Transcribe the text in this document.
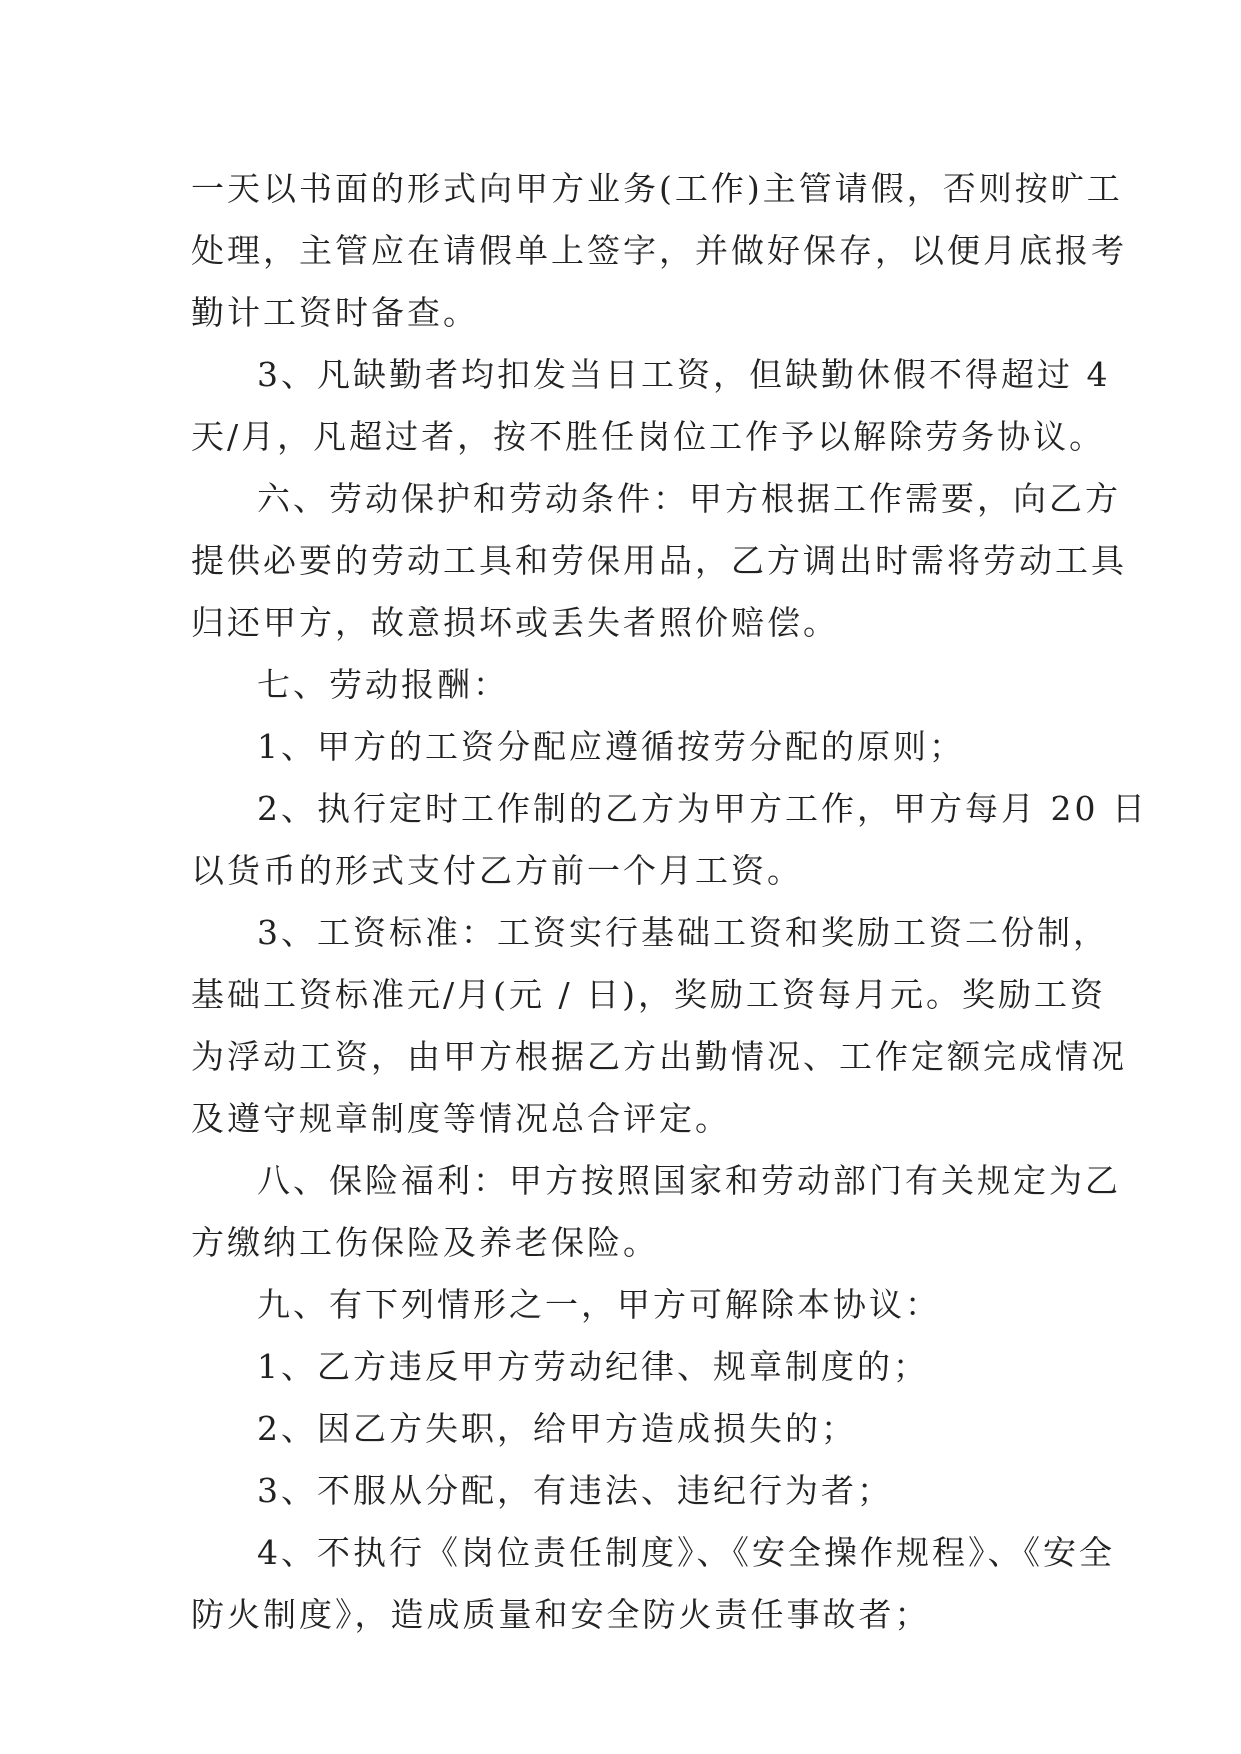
一天以书面的形式向甲方业务(工作)主管请假，否则按旷工
处理，主管应在请假单上签字，并做好保存，以便月底报考
勤计工资时备查。
3、凡缺勤者均扣发当日工资，但缺勤休假不得超过 4
天/月，凡超过者，按不胜任岗位工作予以解除劳务协议。
六、劳动保护和劳动条件：甲方根据工作需要，向乙方
提供必要的劳动工具和劳保用品，乙方调出时需将劳动工具
归还甲方，故意损坏或丢失者照价赔偿。
七、劳动报酬：
1、甲方的工资分配应遵循按劳分配的原则；
2、执行定时工作制的乙方为甲方工作，甲方每月 20 日
以货币的形式支付乙方前一个月工资。
3、工资标准：工资实行基础工资和奖励工资二份制，
基础工资标准元/月(元 / 日)，奖励工资每月元。奖励工资
为浮动工资，由甲方根据乙方出勤情况、工作定额完成情况
及遵守规章制度等情况总合评定。
八、保险福利：甲方按照国家和劳动部门有关规定为乙
方缴纳工伤保险及养老保险。
九、有下列情形之一，甲方可解除本协议：
1、乙方违反甲方劳动纪律、规章制度的；
2、因乙方失职，给甲方造成损失的；
3、不服从分配，有违法、违纪行为者；
4、不执行《岗位责任制度》、《安全操作规程》、《安全
防火制度》，造成质量和安全防火责任事故者；
